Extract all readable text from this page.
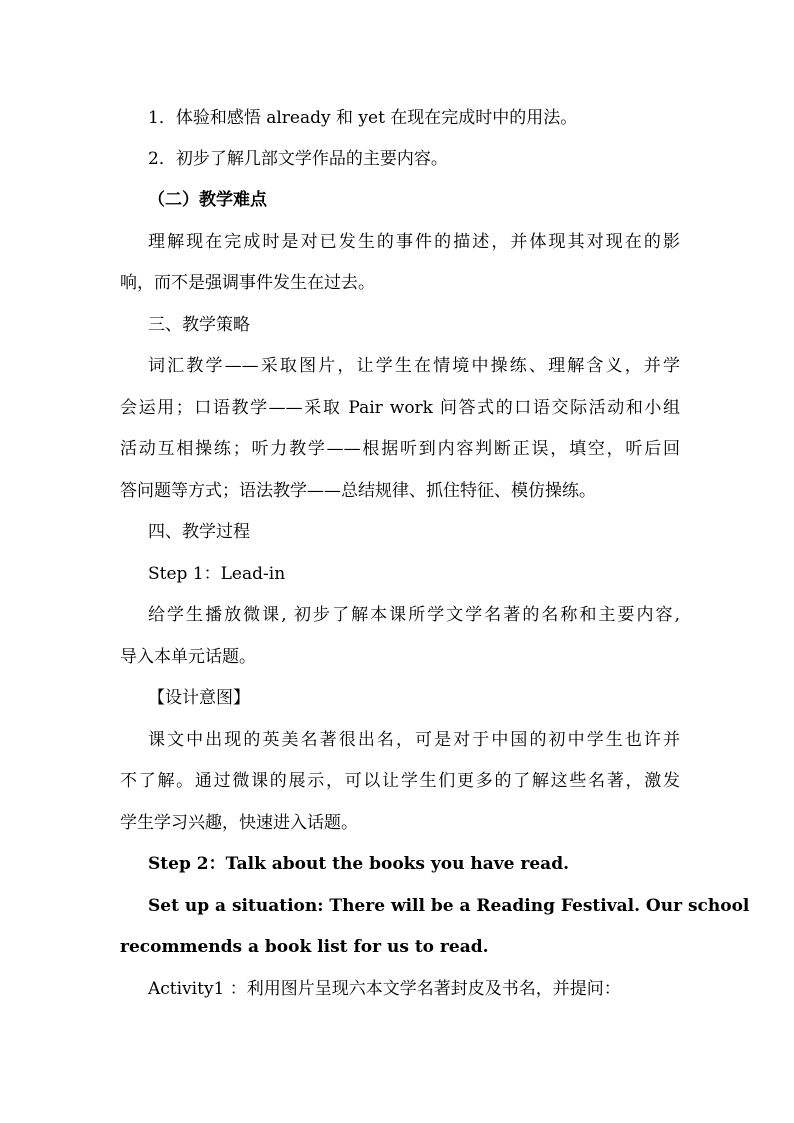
1．体验和感悟 already 和 yet 在现在完成时中的用法。
2．初步了解几部文学作品的主要内容。
（二）教学难点
理解现在完成时是对已发生的事件的描述，并体现其对现在的影
响，而不是强调事件发生在过去。
三、教学策略
词汇教学——采取图片，让学生在情境中操练、理解含义，并学
会运用；口语教学——采取 Pair work 问答式的口语交际活动和小组
活动互相操练；听力教学——根据听到内容判断正误，填空，听后回
答问题等方式；语法教学——总结规律、抓住特征、模仿操练。
四、教学过程
Step 1：Lead-in
给学生播放微课, 初步了解本课所学文学名著的名称和主要内容,
导入本单元话题。
【设计意图】
课文中出现的英美名著很出名，可是对于中国的初中学生也许并
不了解。通过微课的展示，可以让学生们更多的了解这些名著，激发
学生学习兴趣，快速进入话题。
Step 2：Talk about the books you have read.
Set up a situation: There will be a Reading Festival. Our school
recommends a book list for us to read.
Activity1 ：利用图片呈现六本文学名著封皮及书名，并提问：
